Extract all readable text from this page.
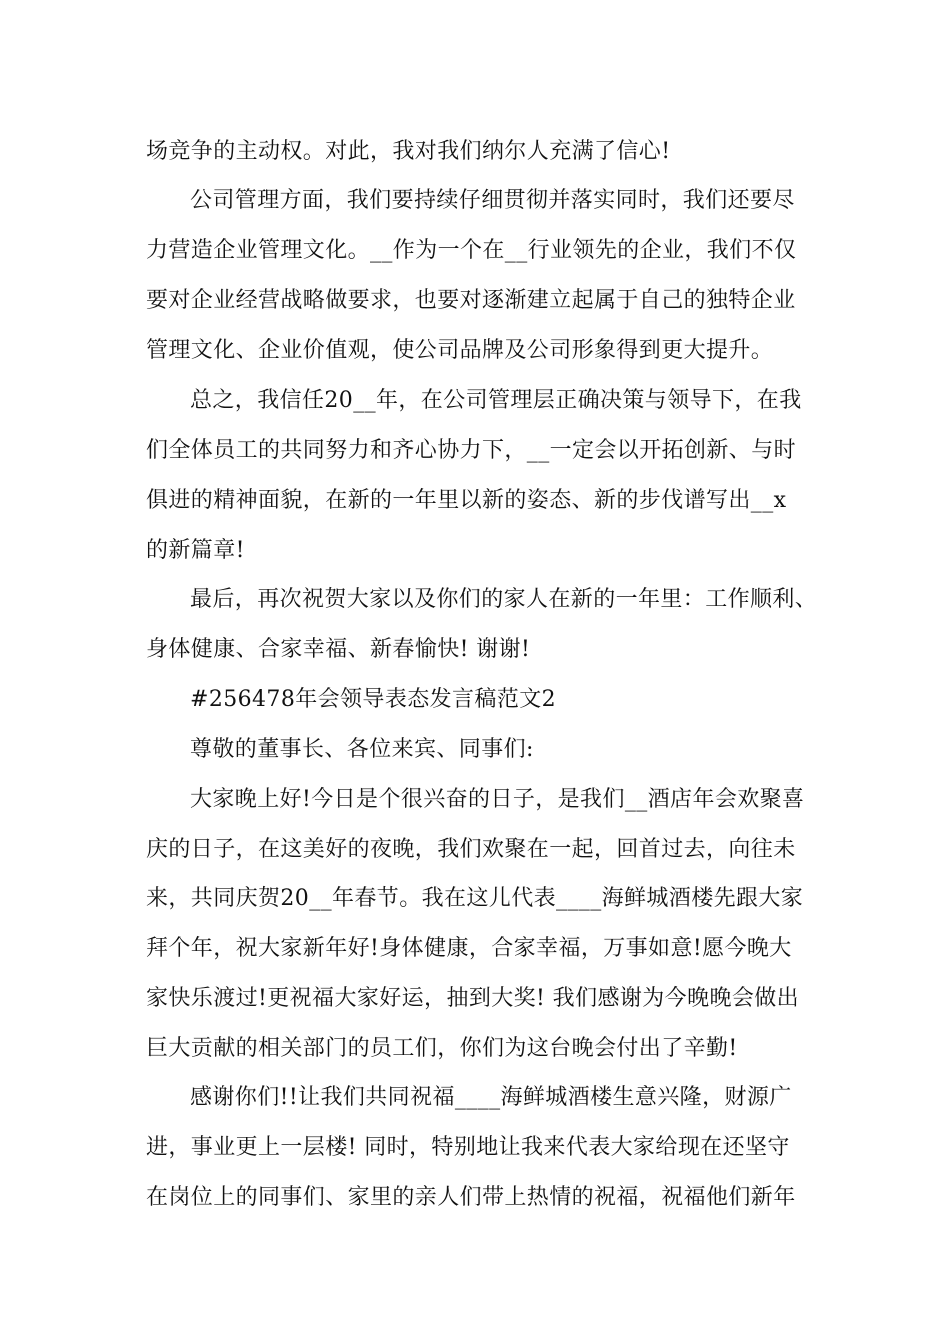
场竞争的主动权。对此，我对我们纳尔人充满了信心!
公司管理方面，我们要持续仔细贯彻并落实同时，我们还要尽
力营造企业管理文化。__作为一个在__行业领先的企业，我们不仅
要对企业经营战略做要求，也要对逐渐建立起属于自己的独特企业
管理文化、企业价值观，使公司品牌及公司形象得到更大提升。
总之，我信任20__年，在公司管理层正确决策与领导下，在我
们全体员工的共同努力和齐心协力下，__一定会以开拓创新、与时
俱进的精神面貌，在新的一年里以新的姿态、新的步伐谱写出__x
的新篇章!
最后，再次祝贺大家以及你们的家人在新的一年里：工作顺利、
身体健康、合家幸福、新春愉快! 谢谢!
#256478年会领导表态发言稿范文2
尊敬的董事长、各位来宾、同事们:
大家晚上好!今日是个很兴奋的日子，是我们__酒店年会欢聚喜
庆的日子，在这美好的夜晚，我们欢聚在一起，回首过去，向往未
来，共同庆贺20__年春节。我在这儿代表____海鲜城酒楼先跟大家
拜个年，祝大家新年好!身体健康，合家幸福，万事如意!愿今晚大
家快乐渡过!更祝福大家好运，抽到大奖! 我们感谢为今晚晚会做出
巨大贡献的相关部门的员工们，你们为这台晚会付出了辛勤!
感谢你们!!让我们共同祝福____海鲜城酒楼生意兴隆，财源广
进，事业更上一层楼! 同时，特别地让我来代表大家给现在还坚守
在岗位上的同事们、家里的亲人们带上热情的祝福，祝福他们新年
